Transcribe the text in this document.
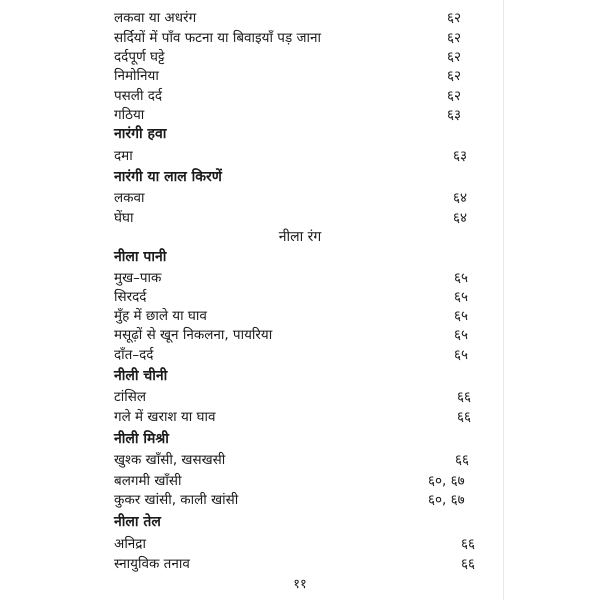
लकवा या अधरंग	६२
सर्दियों में पाँव फटना या बिवाइयाँ पड़ जाना	६२
दर्दपूर्ण घट्टे	६२
निमोनिया	६२
पसली दर्द	६२
गठिया	६३
नारंगी हवा
दमा	६३
नारंगी या लाल किरणें
लकवा	६४
घेंघा	६४
नीला रंग
नीला पानी
मुख–पाक	६५
सिरदर्द	६५
मुँह में छाले या घाव	६५
मसूढ़ों से खून निकलना, पायरिया	६५
दाँत–दर्द	६५
नीली चीनी
टांसिल	६६
गले में खराश या घाव	६६
नीली मिश्री
खुश्क खाँसी, खसखसी	६६
बलगमी खाँसी	६०, ६७
कुकर खांसी, काली खांसी	६०, ६७
नीला तेल
अनिद्रा	६६
स्नायुविक तनाव	६६
११
